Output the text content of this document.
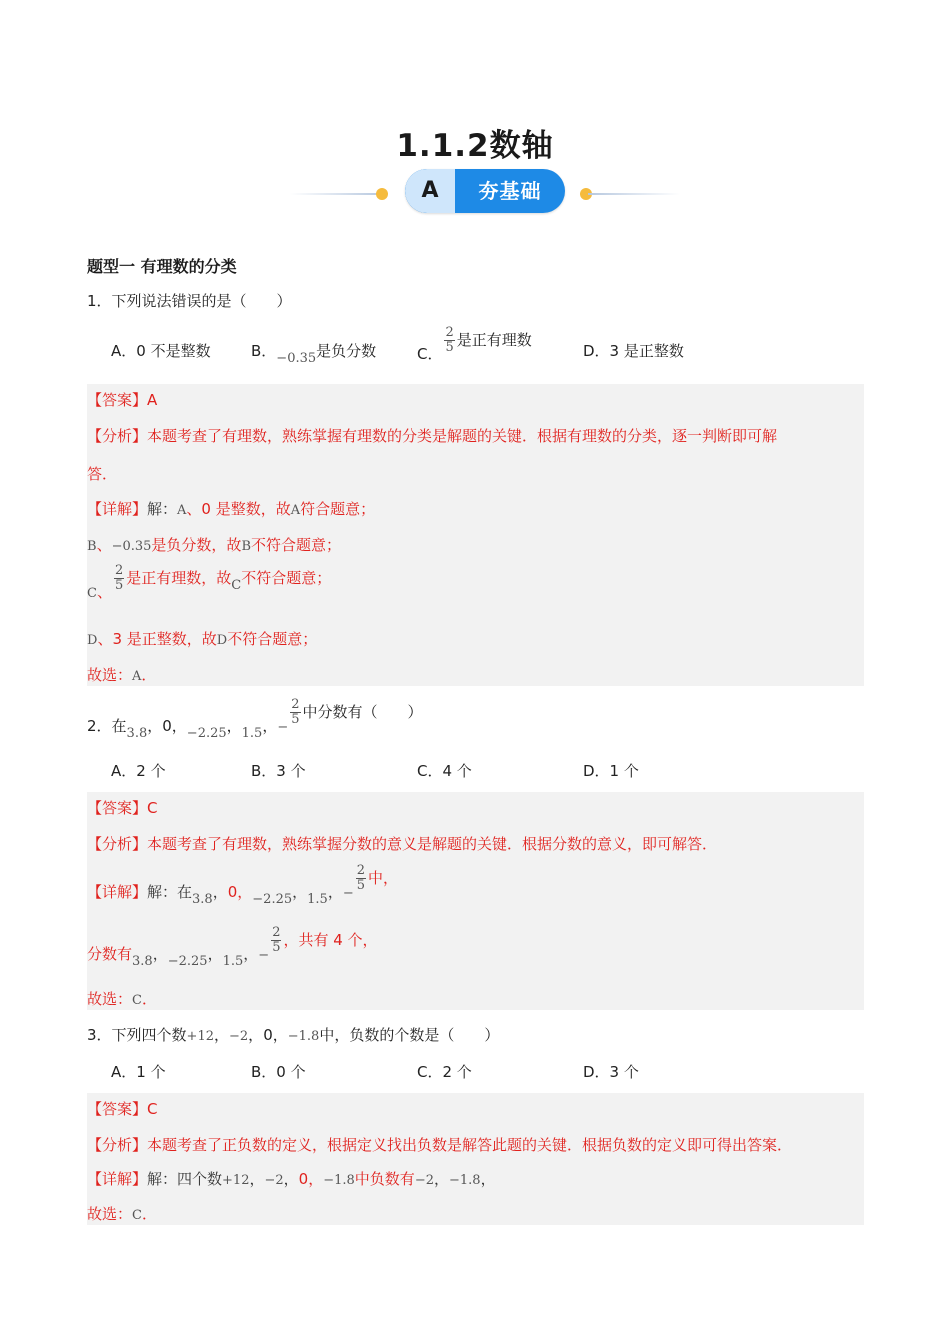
1.1.2数轴
A	夯基础
题型一 有理数的分类
1．下列说法错误的是（　　）
A．0 不是整数	B．−0.35是负分数	C． $\frac{2}{5}$ 是正有理数
D．3 是正整数
【答案】A
【分析】本题考查了有理数，熟练掌握有理数的分类是解题的关键．根据有理数的分类，逐一判断即可解
答．
【详解】解：A、0 是整数，故A符合题意；
B、−0.35是负分数，故B不符合题意；
C、 $\frac{2}{5}$ 是正有理数，故C不符合题意；
D、3 是正整数，故D不符合题意；
故选：A．
2．在3.8，0，−2.25，1.5，−
$\frac{2}{5}$ 中分数有（　　）
A．2 个	B．3 个	C．4 个	D．1 个
【答案】C
【分析】本题考查了有理数，熟练掌握分数的意义是解题的关键．根据分数的意义，即可解答．
【详解】解：在3.8，0，−2.25，1.5，−
$\frac{2}{5}$ 中，
分数有3.8，−2.25，1.5，−
$\frac{2}{5}$ ，共有 4 个，
故选：C．
3．下列四个数+12，−2，0，−1.8中，负数的个数是（　　）
A．1 个	B．0 个	C．2 个	D．3 个
【答案】C
【分析】本题考查了正负数的定义，根据定义找出负数是解答此题的关键．根据负数的定义即可得出答案．
【详解】解：四个数+12，−2，0，−1.8中负数有−2，−1.8，
故选：C．
